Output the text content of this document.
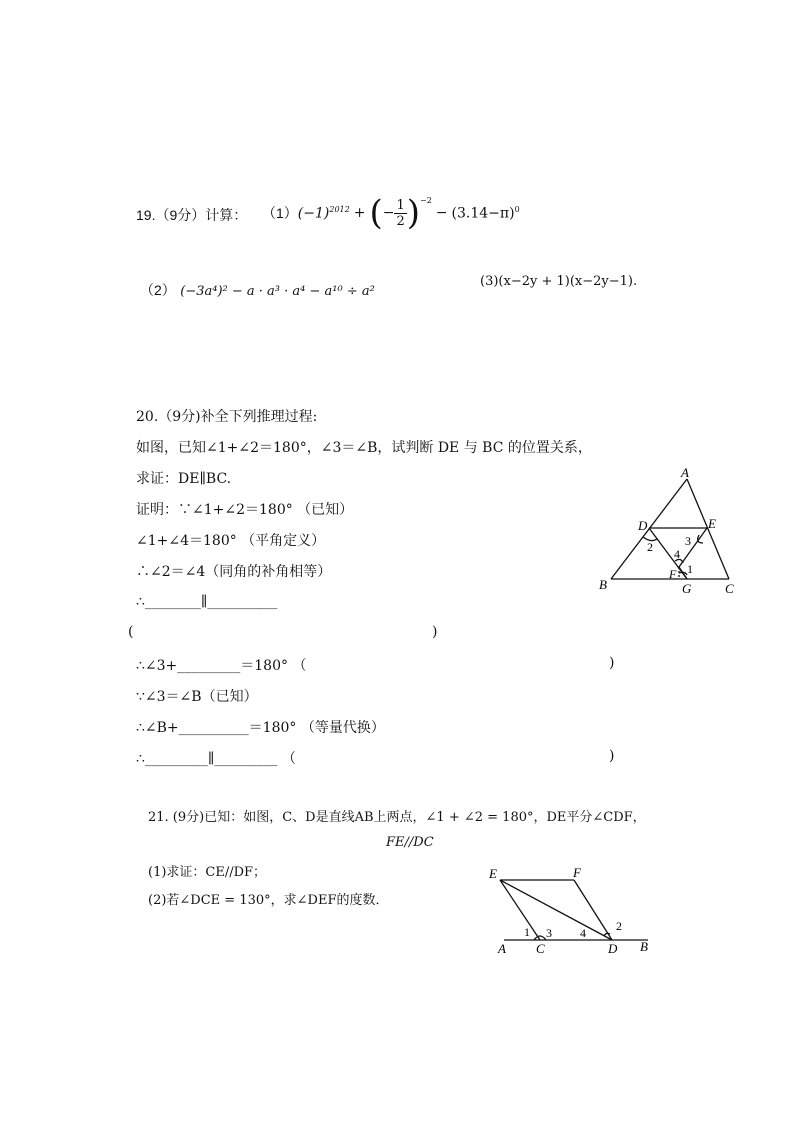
19.（9分）计算： （1） $(-1)^{2012}$ + ( − $\frac{1}{2} )^{-2}$
− $(3.14-\pi)^0$
（2） (−3a⁴)² − a · a³ · a⁴ − a¹⁰ ÷ a²
(3)(x−2y + 1)(x−2y−1).
20.（9分)补全下列推理过程:
如图，已知∠1+∠2＝180°，∠3＝∠B，试判断 DE 与 BC 的位置关系，
求证：DE∥BC.
证明：∵∠1+∠2＝180° （已知）
∠1+∠4＝180° （平角定义）
∴∠2＝∠4（同角的补角相等）
∴________∥__________
(	)
∴∠3+_________＝180° （	)
∵∠3＝∠B（已知）
∴∠B+__________＝180° （等量代换）
∴_________∥_________ （	)
A
D	E
B	G	C
F
2	3
4
1
21. (9分)已知：如图，C、D是直线AB上两点，∠1 + ∠2 = 180°，DE平分∠CDF，
FE//DC
(1)求证：CE//DF；
(2)若∠DCE = 130°，求∠DEF的度数．
E	F
A C	D B
1 3 4	2
